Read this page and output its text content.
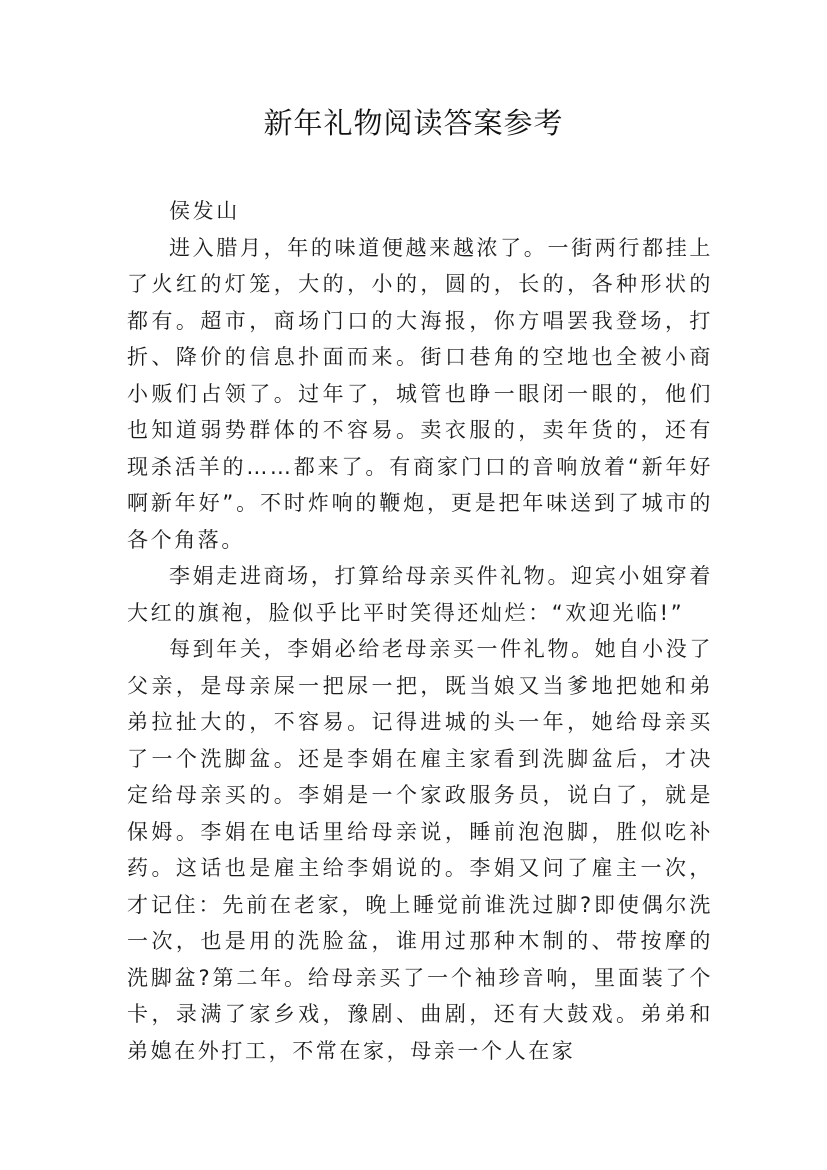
新年礼物阅读答案参考

侯发山

进入腊月，年的味道便越来越浓了。一街两行都挂上了火红的灯笼，大的，小的，圆的，长的，各种形状的都有。超市，商场门口的大海报，你方唱罢我登场，打折、降价的信息扑面而来。街口巷角的空地也全被小商小贩们占领了。过年了，城管也睁一眼闭一眼的，他们也知道弱势群体的不容易。卖衣服的，卖年货的，还有现杀活羊的……都来了。有商家门口的音响放着“新年好啊新年好”。不时炸响的鞭炮，更是把年味送到了城市的各个角落。

李娟走进商场，打算给母亲买件礼物。迎宾小姐穿着大红的旗袍，脸似乎比平时笑得还灿烂：“欢迎光临!”

每到年关，李娟必给老母亲买一件礼物。她自小没了父亲，是母亲屎一把尿一把，既当娘又当爹地把她和弟弟拉扯大的，不容易。记得进城的头一年，她给母亲买了一个洗脚盆。还是李娟在雇主家看到洗脚盆后，才决定给母亲买的。李娟是一个家政服务员，说白了，就是保姆。李娟在电话里给母亲说，睡前泡泡脚，胜似吃补药。这话也是雇主给李娟说的。李娟又问了雇主一次，才记住：先前在老家，晚上睡觉前谁洗过脚?即使偶尔洗一次，也是用的洗脸盆，谁用过那种木制的、带按摩的洗脚盆?第二年。给母亲买了一个袖珍音响，里面装了个卡，录满了家乡戏，豫剧、曲剧，还有大鼓戏。弟弟和弟媳在外打工，不常在家，母亲一个人在家
